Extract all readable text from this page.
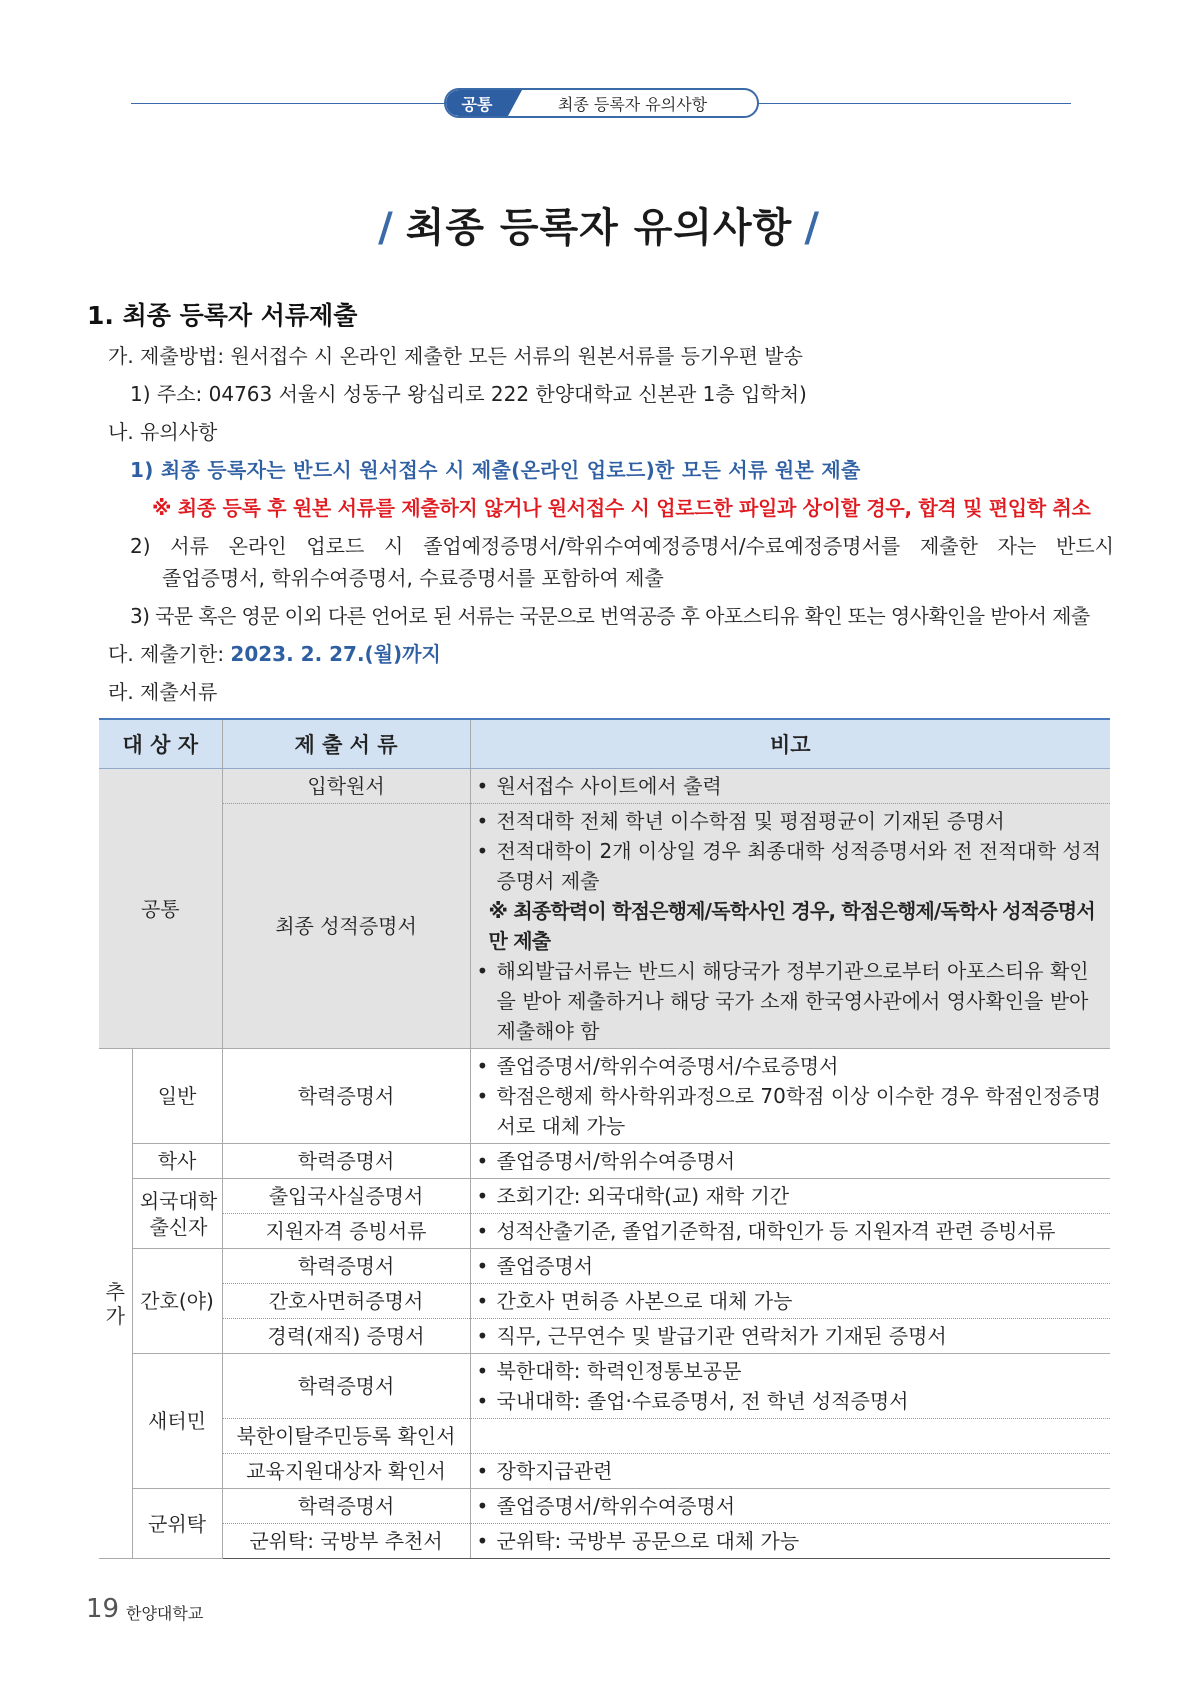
공통	최종 등록자 유의사항
/ 최종 등록자 유의사항 /
1. 최종 등록자 서류제출
가. 제출방법: 원서접수 시 온라인 제출한 모든 서류의 원본서류를 등기우편 발송
1) 주소: 04763 서울시 성동구 왕십리로 222 한양대학교 신본관 1층 입학처)
나. 유의사항
1) 최종 등록자는 반드시 원서접수 시 제출(온라인 업로드)한 모든 서류 원본 제출
※ 최종 등록 후 원본 서류를 제출하지 않거나 원서접수 시 업로드한 파일과 상이할 경우, 합격 및 편입학 취소
2) 서류 온라인 업로드 시 졸업예정증명서/학위수여예정증명서/수료예정증명서를 제출한 자는 반드시
졸업증명서, 학위수여증명서, 수료증명서를 포함하여 제출
3) 국문 혹은 영문 이외 다른 언어로 된 서류는 국문으로 번역공증 후 아포스티유 확인 또는 영사확인을 받아서 제출
다. 제출기한: 2023. 2. 27.(월)까지
라. 제출서류
대 상 자		제 출 서 류	비고
공통		입학원서	• 원서접수 사이트에서 출력

		최종 성적증명서	• 전적대학 전체 학년 이수학점 및 평점평균이 기재된 증명서
• 전적대학이 2개 이상일 경우 최종대학 성적증명서와 전 전적대학 성적증명서 제출
※ 최종학력이 학점은행제/독학사인 경우, 학점은행제/독학사 성적증명서만 제출
• 해외발급서류는 반드시 해당국가 정부기관으로부터 아포스티유 확인을 받아 제출하거나 해당 국가 소재 한국영사관에서 영사확인을 받아 제출해야 함

추가	일반	학력증명서	• 졸업증명서/학위수여증명서/수료증명서
• 학점은행제 학사학위과정으로 70학점 이상 이수한 경우 학점인정증명서로 대체 가능

	학사	학력증명서	• 졸업증명서/학위수여증명서

	외국대학 출신자	출입국사실증명서	• 조회기간: 외국대학(교) 재학 기간

		지원자격 증빙서류	• 성적산출기준, 졸업기준학점, 대학인가 등 지원자격 관련 증빙서류

	간호(야)	학력증명서	• 졸업증명서

		간호사면허증명서	• 간호사 면허증 사본으로 대체 가능

		경력(재직) 증명서	• 직무, 근무연수 및 발급기관 연락처가 기재된 증명서

	새터민	학력증명서	• 북한대학: 학력인정통보공문
• 국내대학: 졸업·수료증명서, 전 학년 성적증명서

		북한이탈주민등록 확인서	
		교육지원대상자 확인서	• 장학지급관련

	군위탁	학력증명서	• 졸업증명서/학위수여증명서

		군위탁: 국방부 추천서	• 군위탁: 국방부 공문으로 대체 가능
19 한양대학교
